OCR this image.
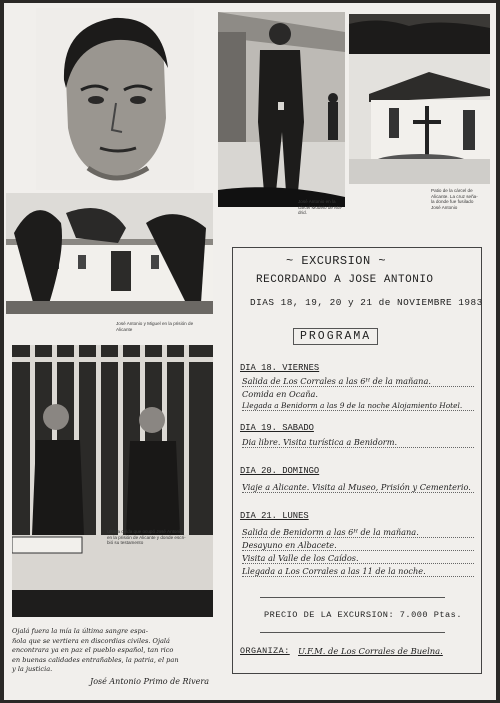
José Antonio en la
cárcel Modelo de Ma-
drid.
Patio de la cárcel de
Alicante. La cruz seña-
la donde fue fusilado
José Antonio
José Antonio y Miguel en la prisión de
Alicante
Ultima celda que ocupó José Antonio
en la prisión de Alicante y donde escri-
bió su testamento
Ojalá fuera la mía la última sangre espa-
ñola que se vertiera en discordias civiles. Ojalá
encontrara ya en paz el pueblo español, tan rico
en buenas calidades entrañables, la patria, el pan
y la justicia.
José Antonio Primo de Rivera
~ EXCURSION ~
RECORDANDO A JOSE ANTONIO
DIAS 18, 19, 20 y 21 de NOVIEMBRE 1983
PROGRAMA
DIA 18. VIERNES
Salida de Los Corrales a las 6ᴴ de la mañana.
Comida en Ocaña.
Llegada a Benidorm a las 9 de la noche Alojamiento Hotel.
DIA 19. SABADO
Dia libre. Visita turística a Benidorm.
DIA 20. DOMINGO
Viaje a Alicante. Visita al Museo, Prisión y Cementerio.
DIA 21. LUNES
Salida de Benidorm a las 6ᴴ de la mañana.
Desayuno en Albacete.
Visita al Valle de los Caídos.
Llegada a Los Corrales a las 11 de la noche.
PRECIO DE LA EXCURSION: 7.000 Ptas.
ORGANIZA: U.F.M. de Los Corrales de Buelna.
